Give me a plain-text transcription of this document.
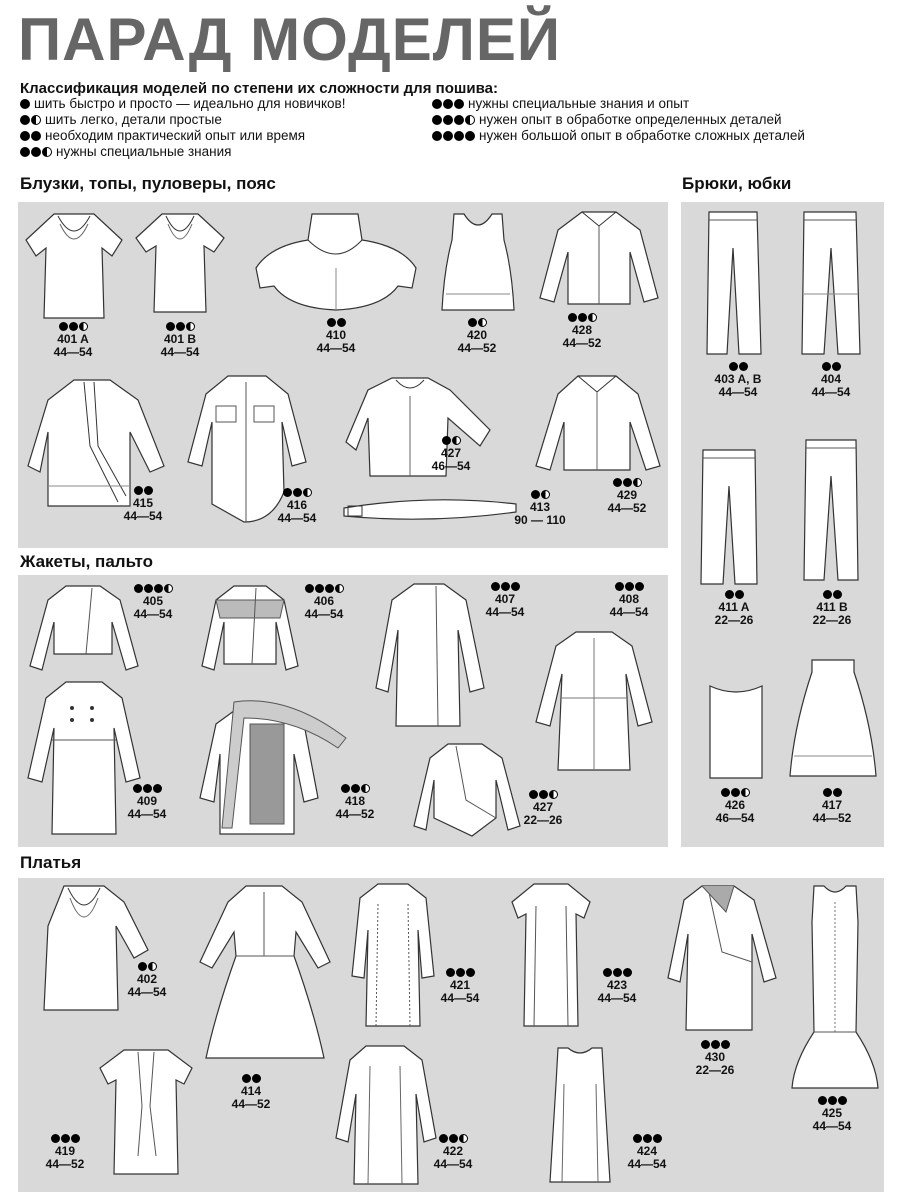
ПАРАД МОДЕЛЕЙ
Классификация моделей по степени их сложности для пошива:
шить быстро и просто — идеально для новичков!
шить легко, детали простые
необходим практический опыт или время
нужны специальные знания
нужны специальные знания и опыт
нужен опыт в обработке определенных деталей
нужен большой опыт в обработке сложных деталей
Блузки, топы, пуловеры, пояс	Брюки, юбки
Жакеты, пальто
Платья
401 A
44—54
401 B
44—54
410
44—54
420
44—52
428
44—52
415
44—54
416
44—54
427
46—54
413
90 — 110
429
44—52
403 A, B
44—54
404
44—54
411 A
22—26
411 B
22—26
426
46—54
417
44—52
405
44—54
406
44—54
407
44—54
408
44—54
409
44—54
418
44—52	427
22—26
402
44—54
414
44—52
421
44—54
423
44—54
430
22—26
425
44—54
419
44—52
422
44—54
424
44—54
